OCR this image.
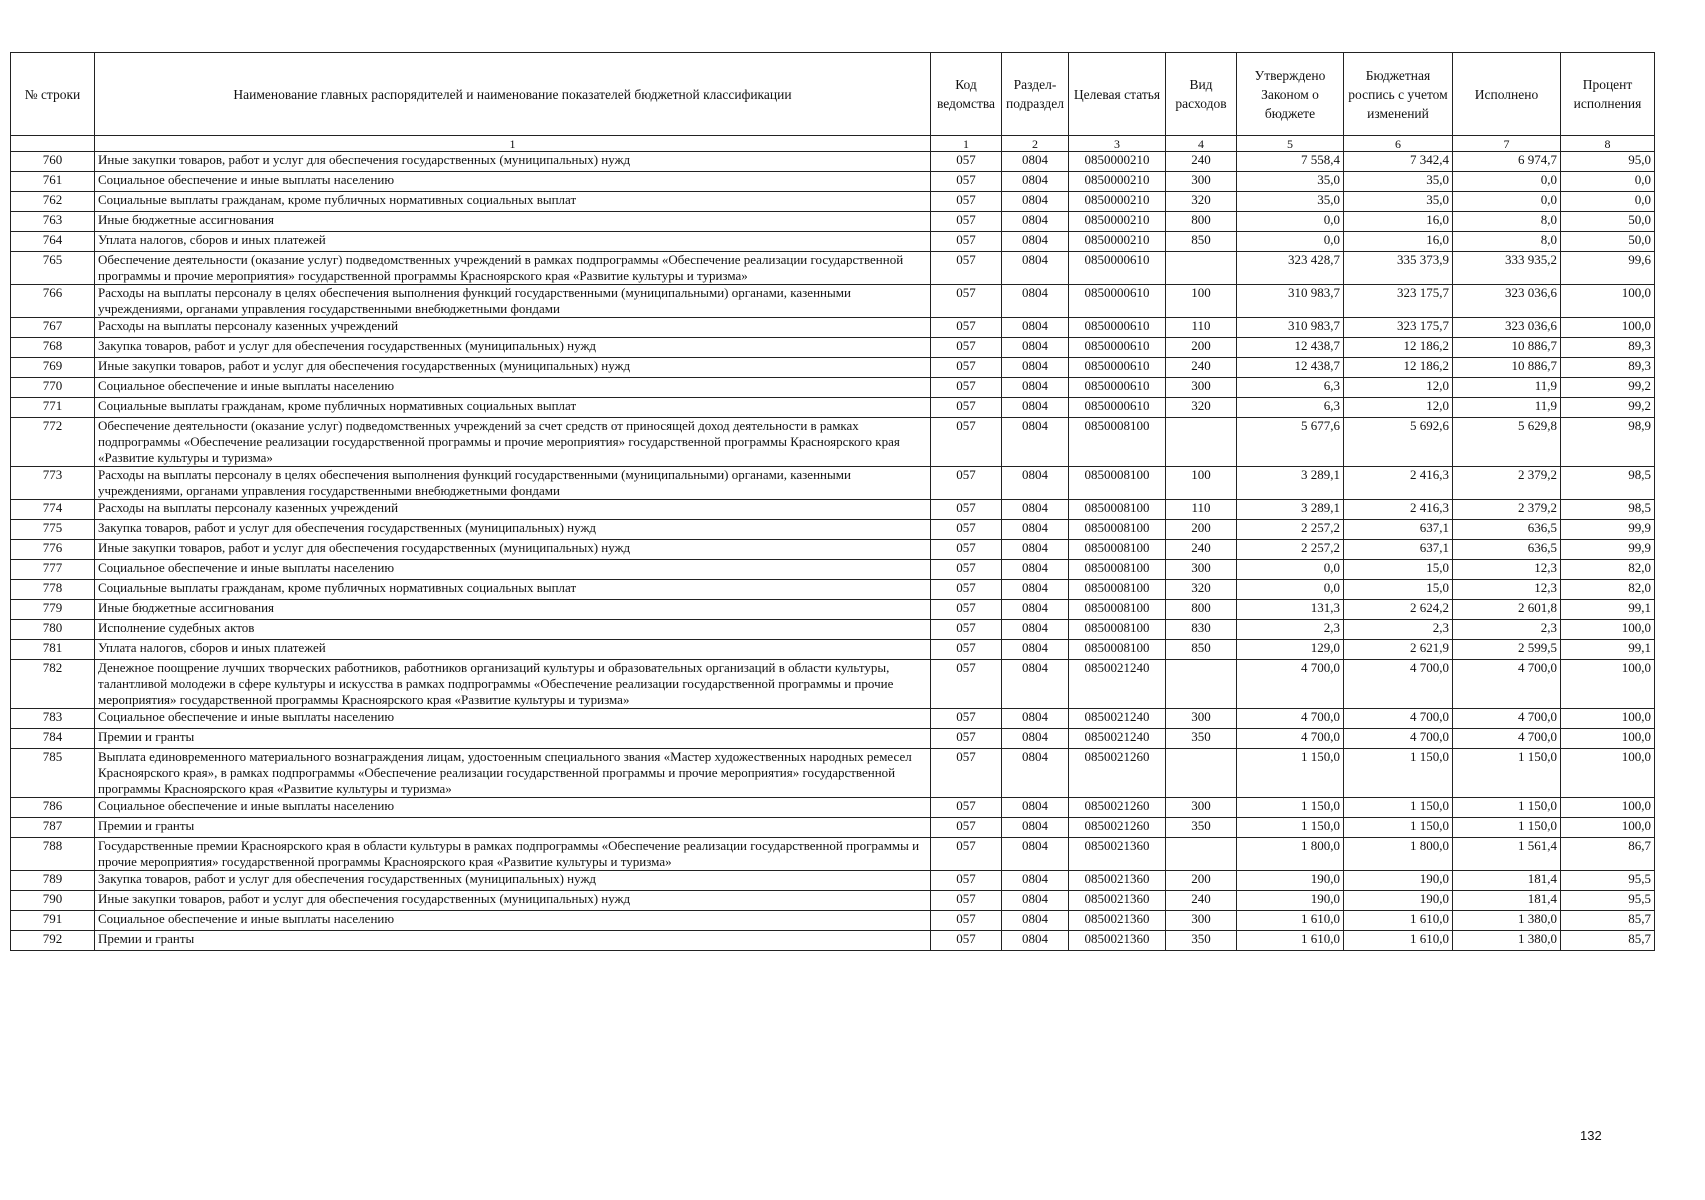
№ строки	Наименование главных распорядителей и наименование показателей бюджетной классификации	Код ведомства	Раздел-подраздел	Целевая статья	Вид расходов	Утверждено Законом о бюджете	Бюджетная роспись с учетом изменений	Исполнено	Процент исполнения
	1	1	2	3	4	5	6	7	8
760	Иные закупки товаров, работ и услуг для обеспечения государственных (муниципальных) нужд	057	0804	0850000210	240	7 558,4	7 342,4	6 974,7	95,0
761	Социальное обеспечение и иные выплаты населению	057	0804	0850000210	300	35,0	35,0	0,0	0,0
762	Социальные выплаты гражданам, кроме публичных нормативных социальных выплат	057	0804	0850000210	320	35,0	35,0	0,0	0,0
763	Иные бюджетные ассигнования	057	0804	0850000210	800	0,0	16,0	8,0	50,0
764	Уплата налогов, сборов и иных платежей	057	0804	0850000210	850	0,0	16,0	8,0	50,0
765	Обеспечение деятельности (оказание услуг) подведомственных учреждений в рамках подпрограммы «Обеспечение реализации государственной программы и прочие мероприятия» государственной программы Красноярского края «Развитие культуры и туризма»	057	0804	0850000610		323 428,7	335 373,9	333 935,2	99,6
766	Расходы на выплаты персоналу в целях обеспечения выполнения функций государственными (муниципальными) органами, казенными учреждениями, органами управления государственными внебюджетными фондами	057	0804	0850000610	100	310 983,7	323 175,7	323 036,6	100,0
767	Расходы на выплаты персоналу казенных учреждений	057	0804	0850000610	110	310 983,7	323 175,7	323 036,6	100,0
768	Закупка товаров, работ и услуг для обеспечения государственных (муниципальных) нужд	057	0804	0850000610	200	12 438,7	12 186,2	10 886,7	89,3
769	Иные закупки товаров, работ и услуг для обеспечения государственных (муниципальных) нужд	057	0804	0850000610	240	12 438,7	12 186,2	10 886,7	89,3
770	Социальное обеспечение и иные выплаты населению	057	0804	0850000610	300	6,3	12,0	11,9	99,2
771	Социальные выплаты гражданам, кроме публичных нормативных социальных выплат	057	0804	0850000610	320	6,3	12,0	11,9	99,2
772	Обеспечение деятельности (оказание услуг) подведомственных учреждений за счет средств от приносящей доход деятельности в рамках подпрограммы «Обеспечение реализации государственной программы и прочие мероприятия» государственной программы Красноярского края «Развитие культуры и туризма»	057	0804	0850008100		5 677,6	5 692,6	5 629,8	98,9
773	Расходы на выплаты персоналу в целях обеспечения выполнения функций государственными (муниципальными) органами, казенными учреждениями, органами управления государственными внебюджетными фондами	057	0804	0850008100	100	3 289,1	2 416,3	2 379,2	98,5
774	Расходы на выплаты персоналу казенных учреждений	057	0804	0850008100	110	3 289,1	2 416,3	2 379,2	98,5
775	Закупка товаров, работ и услуг для обеспечения государственных (муниципальных) нужд	057	0804	0850008100	200	2 257,2	637,1	636,5	99,9
776	Иные закупки товаров, работ и услуг для обеспечения государственных (муниципальных) нужд	057	0804	0850008100	240	2 257,2	637,1	636,5	99,9
777	Социальное обеспечение и иные выплаты населению	057	0804	0850008100	300	0,0	15,0	12,3	82,0
778	Социальные выплаты гражданам, кроме публичных нормативных социальных выплат	057	0804	0850008100	320	0,0	15,0	12,3	82,0
779	Иные бюджетные ассигнования	057	0804	0850008100	800	131,3	2 624,2	2 601,8	99,1
780	Исполнение судебных актов	057	0804	0850008100	830	2,3	2,3	2,3	100,0
781	Уплата налогов, сборов и иных платежей	057	0804	0850008100	850	129,0	2 621,9	2 599,5	99,1
782	Денежное поощрение лучших творческих работников, работников организаций культуры и образовательных организаций в области культуры, талантливой молодежи в сфере культуры и искусства в рамках подпрограммы «Обеспечение реализации государственной программы и прочие мероприятия» государственной программы Красноярского края «Развитие культуры и туризма»	057	0804	0850021240		4 700,0	4 700,0	4 700,0	100,0
783	Социальное обеспечение и иные выплаты населению	057	0804	0850021240	300	4 700,0	4 700,0	4 700,0	100,0
784	Премии и гранты	057	0804	0850021240	350	4 700,0	4 700,0	4 700,0	100,0
785	Выплата единовременного материального вознаграждения лицам, удостоенным специального звания «Мастер художественных народных ремесел Красноярского края», в рамках подпрограммы «Обеспечение реализации государственной программы и прочие мероприятия» государственной программы Красноярского края «Развитие культуры и туризма»	057	0804	0850021260		1 150,0	1 150,0	1 150,0	100,0
786	Социальное обеспечение и иные выплаты населению	057	0804	0850021260	300	1 150,0	1 150,0	1 150,0	100,0
787	Премии и гранты	057	0804	0850021260	350	1 150,0	1 150,0	1 150,0	100,0
788	Государственные премии Красноярского края в области культуры в рамках подпрограммы «Обеспечение реализации государственной программы и прочие мероприятия» государственной программы Красноярского края «Развитие культуры и туризма»	057	0804	0850021360		1 800,0	1 800,0	1 561,4	86,7
789	Закупка товаров, работ и услуг для обеспечения государственных (муниципальных) нужд	057	0804	0850021360	200	190,0	190,0	181,4	95,5
790	Иные закупки товаров, работ и услуг для обеспечения государственных (муниципальных) нужд	057	0804	0850021360	240	190,0	190,0	181,4	95,5
791	Социальное обеспечение и иные выплаты населению	057	0804	0850021360	300	1 610,0	1 610,0	1 380,0	85,7
792	Премии и гранты	057	0804	0850021360	350	1 610,0	1 610,0	1 380,0	85,7
132
